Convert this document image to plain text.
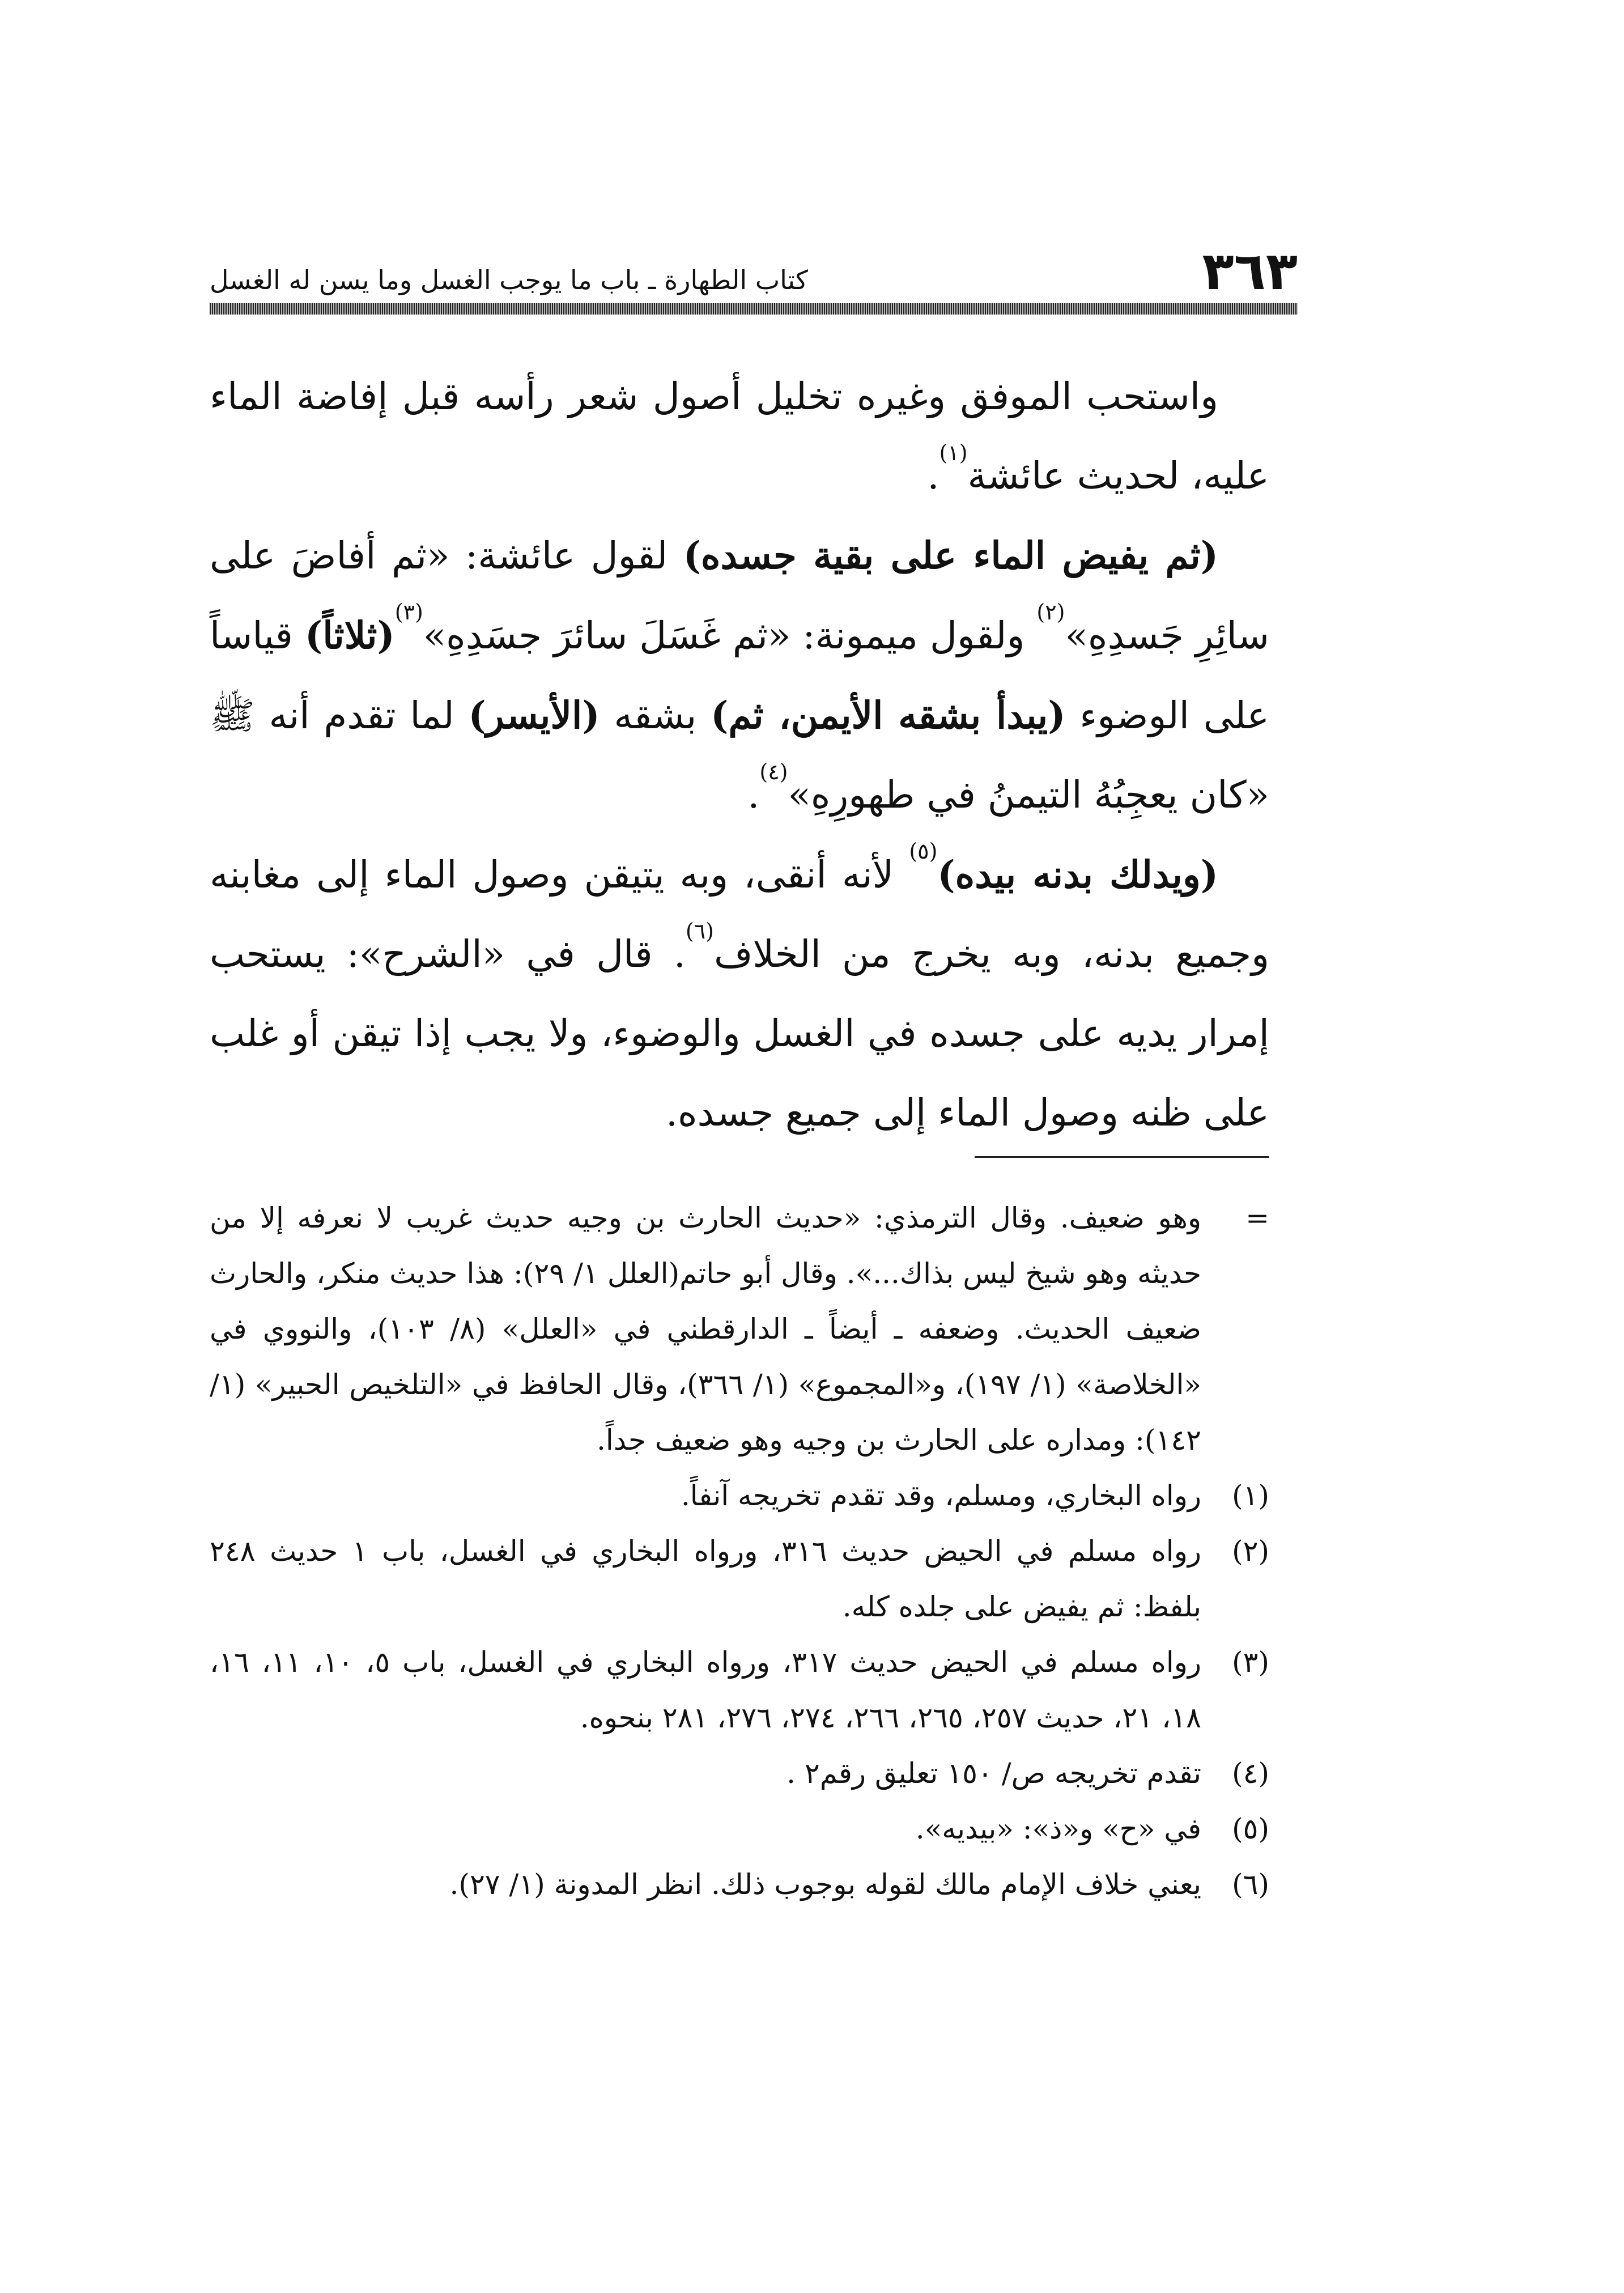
٣٦٣
كتاب الطهارة ـ باب ما يوجب الغسل وما يسن له الغسل

واستحب الموفق وغيره تخليل أصول شعر رأسه قبل إفاضة الماء عليه، لحديث عائشة$^{(١)}$.

(ثم يفيض الماء على بقية جسده) لقول عائشة: «ثم أفاضَ على سائِرِ جَسدِهِ»$^{(٢)}$ ولقول ميمونة: «ثم غَسَلَ سائرَ جسَدِهِ»$^{(٣)}$(ثلاثاً) قياساً على الوضوء (يبدأ بشقه الأيمن، ثم) بشقه (الأيسر) لما تقدم أنه ﷺ «كان يعجِبُهُ التيمنُ في طهورِهِ»$^{(٤)}$.

(ويدلك بدنه بيده)$^{(٥)}$ لأنه أنقى، وبه يتيقن وصول الماء إلى مغابنه وجميع بدنه، وبه يخرج من الخلاف$^{(٦)}$. قال في «الشرح»: يستحب إمرار يديه على جسده في الغسل والوضوء، ولا يجب إذا تيقن أو غلب على ظنه وصول الماء إلى جميع جسده.

=
وهو ضعيف. وقال الترمذي: «حديث الحارث بن وجيه حديث غريب لا نعرفه إلا من حديثه وهو شيخ ليس بذاك...». وقال أبو حاتم(العلل ١/ ٢٩): هذا حديث منكر، والحارث ضعيف الحديث. وضعفه ـ أيضاً ـ الدارقطني في «العلل» (٨/ ١٠٣)، والنووي في «الخلاصة» (١/ ١٩٧)، و«المجموع» (١/ ٣٦٦)، وقال الحافظ في «التلخيص الحبير» (١/ ١٤٢): ومداره على الحارث بن وجيه وهو ضعيف جداً.

(١)
رواه البخاري، ومسلم، وقد تقدم تخريجه آنفاً.
(٢)
رواه مسلم في الحيض حديث ٣١٦، ورواه البخاري في الغسل، باب ١ حديث ٢٤٨ بلفظ: ثم يفيض على جلده كله.
(٣)
رواه مسلم في الحيض حديث ٣١٧، ورواه البخاري في الغسل، باب ٥، ١٠، ١١، ١٦، ١٨، ٢١، حديث ٢٥٧، ٢٦٥، ٢٦٦، ٢٧٤، ٢٧٦، ٢٨١ بنحوه.
(٤)
تقدم تخريجه ص/ ١٥٠ تعليق رقم٢ .
(٥)
في «ح» و«ذ»: «بيديه».
(٦)
يعني خلاف الإمام مالك لقوله بوجوب ذلك. انظر المدونة (١/ ٢٧).
